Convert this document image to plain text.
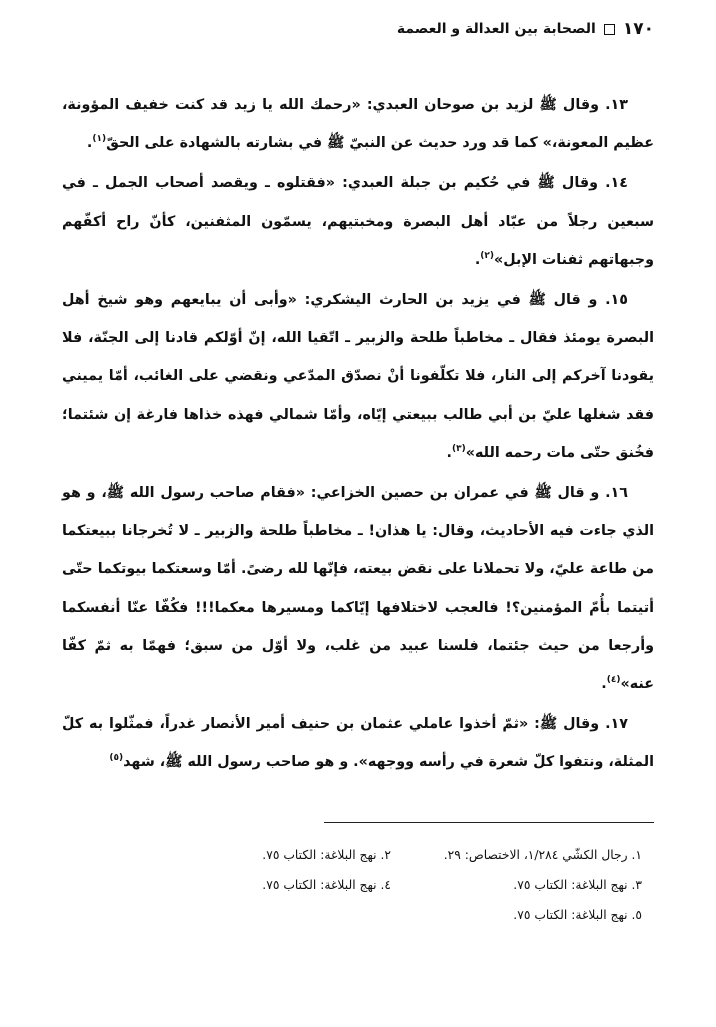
١٧٠
الصحابة بين العدالة و العصمة

١٣. وقال ﷺ لزيد بن صوحان العبدي: «رحمك الله يا زيد قد كنت خفيف المؤونة، عظيم المعونة،» كما قد ورد حديث عن النبيّ ﷺ في بشارته بالشهادة على الحقّ$^{(١)}$.

١٤. وقال ﷺ في حُكيم بن جبلة العبدي: «فقتلوه ـ ويقصد أصحاب الجمل ـ في سبعين رجلاً من عبّاد أهل البصرة ومخبتيهم، يسمّون المثفنين، كأنّ راح أكفّهم وجبهاتهم ثفنات الإبل»$^{(٢)}$.

١٥. و قال ﷺ في يزيد بن الحارث اليشكري: «وأبى أن يبايعهم وهو شيخ أهل البصرة يومئذ فقال ـ مخاطباً طلحة والزبير ـ اتّقيا الله، إنّ أوّلكم قادنا إلى الجنّة، فلا يقودنا آخركم إلى النار، فلا تكلّفونا أنْ نصدّق المدّعي ونقضي على الغائب، أمّا يميني فقد شغلها عليّ بن أبي طالب ببيعتي إيّاه، وأمّا شمالي فهذه خذاها فارغة إن شئتما؛ فخُنق حتّى مات رحمه الله»$^{(٣)}$.

١٦. و قال ﷺ في عمران بن حصين الخزاعي: «فقام صاحب رسول الله ﷺ، و هو الذي جاءت فيه الأحاديث، وقال: يا هذان! ـ مخاطباً طلحة والزبير ـ لا تُخرجانا ببيعتكما من طاعة عليّ، ولا تحملانا على نقض بيعته، فإنّها لله رضىً. أمّا وسعتكما بيوتكما حتّى أتيتما بأُمّ المؤمنين؟! فالعجب لاختلافها إيّاكما ومسيرها معكما!!! فكُفّا عنّا أنفسكما وأرجعا من حيث جئتما، فلسنا عبيد من غلب، ولا أوّل من سبق؛ فهمّا به ثمّ كفّا عنه»$^{(٤)}$.

١٧. وقال ﷺ: «ثمّ أخذوا عاملي عثمان بن حنيف أمير الأنصار غدراً، فمثّلوا به كلّ المثلة، ونتفوا كلّ شعرة في رأسه ووجهه». و هو صاحب رسول الله ﷺ، شهد$^{(٥)}$

١. رجال الكشّي ١/٢٨٤، الاختصاص: ٢٩.
٢. نهج البلاغة: الكتاب ٧٥.
٣. نهج البلاغة: الكتاب ٧٥.
٤. نهج البلاغة: الكتاب ٧٥.
٥. نهج البلاغة: الكتاب ٧٥.
